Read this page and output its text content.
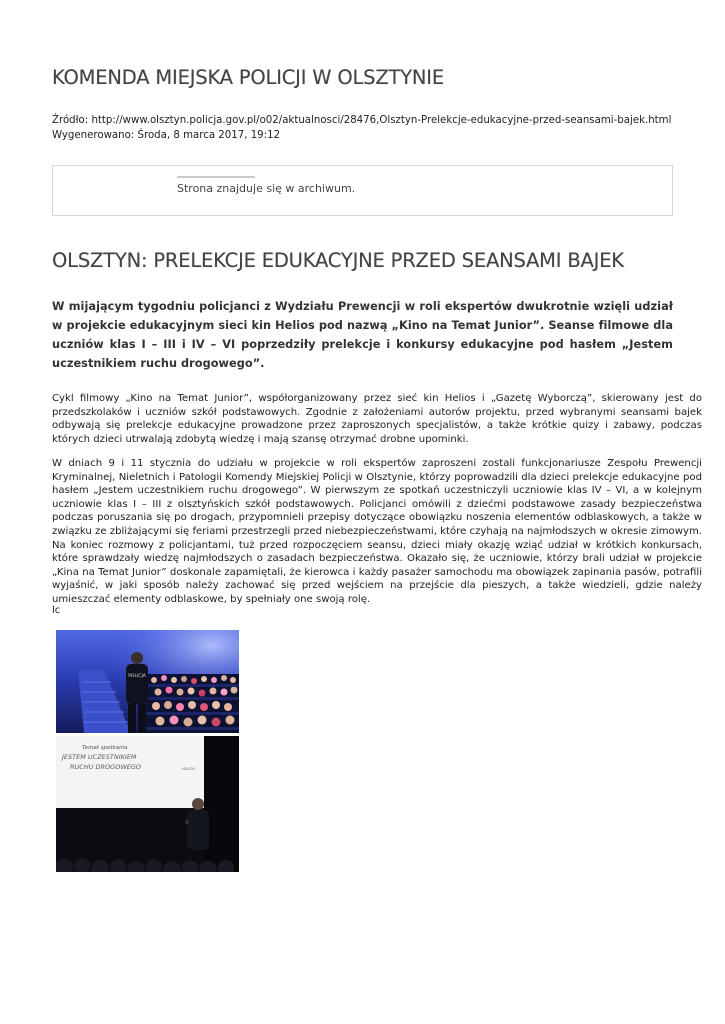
KOMENDA MIEJSKA POLICJI W OLSZTYNIE
Źródło: http://www.olsztyn.policja.gov.pl/o02/aktualnosci/28476,Olsztyn-Prelekcje-edukacyjne-przed-seansami-bajek.html
Wygenerowano: Środa, 8 marca 2017, 19:12
Strona znajduje się w archiwum.
OLSZTYN: PRELEKCJE EDUKACYJNE PRZED SEANSAMI BAJEK
W mijającym tygodniu policjanci z Wydziału Prewencji w roli ekspertów dwukrotnie wzięli udział w projekcie edukacyjnym sieci kin Helios pod nazwą „Kino na Temat Junior”. Seanse filmowe dla uczniów klas I – III i IV – VI poprzedziły prelekcje i konkursy edukacyjne pod hasłem „Jestem uczestnikiem ruchu drogowego”.
Cykl filmowy „Kino na Temat Junior”, współorganizowany przez sieć kin Helios i „Gazetę Wyborczą”, skierowany jest do przedszkolaków i uczniów szkół podstawowych. Zgodnie z założeniami autorów projektu, przed wybranymi seansami bajek odbywają się prelekcje edukacyjne prowadzone przez zaproszonych specjalistów, a także krótkie quizy i zabawy, podczas których dzieci utrwalają zdobytą wiedzę i mają szansę otrzymać drobne upominki.
W dniach 9 i 11 stycznia do udziału w projekcie w roli ekspertów zaproszeni zostali funkcjonariusze Zespołu Prewencji Kryminalnej, Nieletnich i Patologii Komendy Miejskiej Policji w Olsztynie, którzy poprowadzili dla dzieci prelekcje edukacyjne pod hasłem „Jestem uczestnikiem ruchu drogowego”. W pierwszym ze spotkań uczestniczyli uczniowie klas IV – VI, a w kolejnym uczniowie klas I – III z olsztyńskich szkół podstawowych. Policjanci omówili z dziećmi podstawowe zasady bezpieczeństwa podczas poruszania się po drogach, przypomnieli przepisy dotyczące obowiązku noszenia elementów odblaskowych, a także w związku ze zbliżającymi się feriami przestrzegli przed niebezpieczeństwami, które czyhają na najmłodszych w okresie zimowym. Na koniec rozmowy z policjantami, tuż przed rozpoczęciem seansu, dzieci miały okazję wziąć udział w krótkich konkursach, które sprawdzały wiedzę najmłodszych o zasadach bezpieczeństwa. Okazało się, że uczniowie, którzy brali udział w projekcie „Kina na Temat Junior” doskonale zapamiętali, że kierowca i każdy pasażer samochodu ma obowiązek zapinania pasów, potrafili wyjaśnić, w jaki sposób należy zachować się przed wejściem na przejście dla pieszych, a także wiedzieli, gdzie należy umieszczać elementy odblaskowe, by spełniały one swoją rolę.
lc
POLICJA
Temat spotkania
JESTEM UCZESTNIKIEM
RUCHU DROGOWEGO	HELIOS
